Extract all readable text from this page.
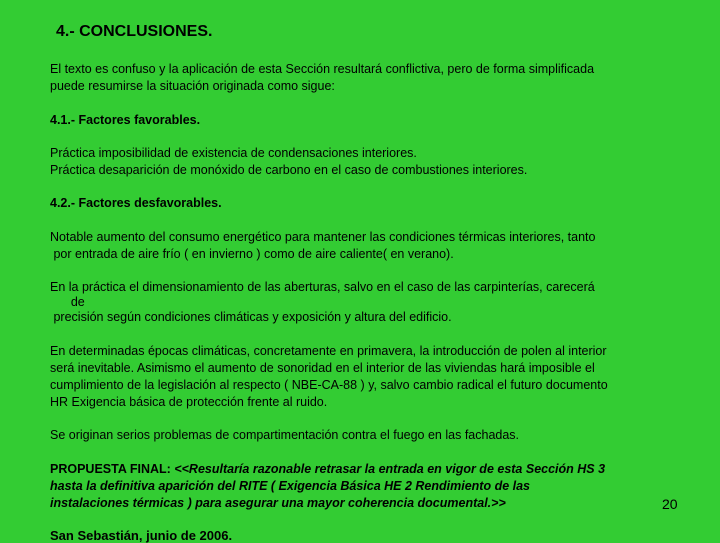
4.- CONCLUSIONES.

El texto es confuso y la aplicación de esta Sección resultará conflictiva, pero de forma simplificada
puede resumirse la situación originada como sigue:

4.1.- Factores favorables.

Práctica imposibilidad de existencia de condensaciones interiores.
Práctica desaparición de monóxido de carbono en el caso de combustiones interiores.

4.2.- Factores desfavorables.

Notable aumento del consumo energético para mantener las condiciones térmicas interiores, tanto
por entrada de aire frío ( en invierno ) como de aire caliente( en verano).

En la práctica el dimensionamiento de las aberturas, salvo en el caso de las carpinterías, carecerá
de
precisión según condiciones climáticas y exposición y altura del edificio.

En determinadas épocas climáticas, concretamente en primavera, la introducción de polen al interior
será inevitable. Asimismo el aumento de sonoridad en el interior de las viviendas hará imposible el
cumplimiento de la legislación al respecto ( NBE-CA-88 ) y, salvo cambio radical el futuro documento
HR Exigencia básica de protección frente al ruido.

Se originan serios problemas de compartimentación contra el fuego en las fachadas.

PROPUESTA FINAL: <<Resultaría razonable retrasar la entrada en vigor de esta Sección HS 3
hasta la definitiva aparición del RITE ( Exigencia Básica HE 2 Rendimiento de las
instalaciones térmicas ) para asegurar una mayor coherencia documental.>>	20

San Sebastián, junio de 2006.
